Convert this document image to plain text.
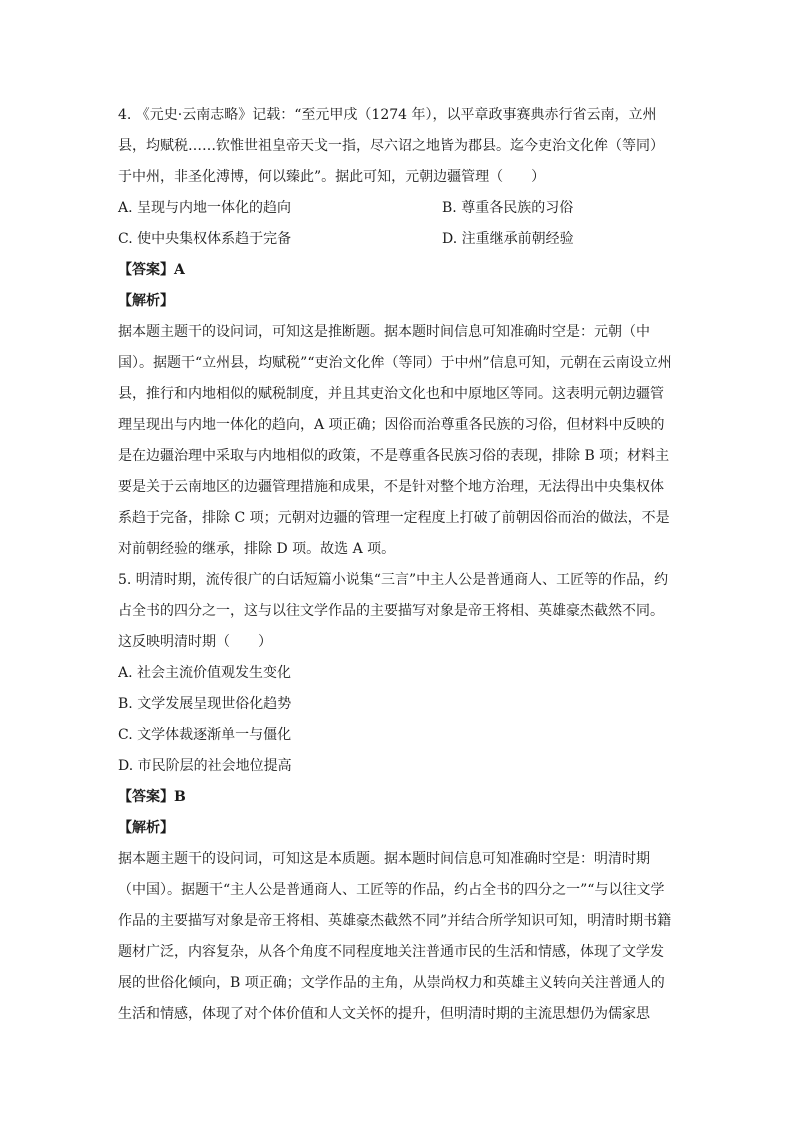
4. 《元史·云南志略》记载：“至元甲戌（1274 年），以平章政事赛典赤行省云南，立州
县，均赋税……钦惟世祖皇帝天戈一指，尽六诏之地皆为郡县。迄今吏治文化侔（等同）
于中州，非圣化溥博，何以臻此”。据此可知，元朝边疆管理（　　）
A. 呈现与内地一体化的趋向	B. 尊重各民族的习俗
C. 使中央集权体系趋于完备	D. 注重继承前朝经验
【答案】A
【解析】
据本题主题干的设问词，可知这是推断题。据本题时间信息可知准确时空是：元朝（中
国）。据题干“立州县，均赋税”“吏治文化侔（等同）于中州”信息可知，元朝在云南设立州
县，推行和内地相似的赋税制度，并且其吏治文化也和中原地区等同。这表明元朝边疆管
理呈现出与内地一体化的趋向，A 项正确；因俗而治尊重各民族的习俗，但材料中反映的
是在边疆治理中采取与内地相似的政策，不是尊重各民族习俗的表现，排除 B 项；材料主
要是关于云南地区的边疆管理措施和成果，不是针对整个地方治理，无法得出中央集权体
系趋于完备，排除 C 项；元朝对边疆的管理一定程度上打破了前朝因俗而治的做法，不是
对前朝经验的继承，排除 D 项。故选 A 项。
5. 明清时期，流传很广的白话短篇小说集“三言”中主人公是普通商人、工匠等的作品，约
占全书的四分之一，这与以往文学作品的主要描写对象是帝王将相、英雄豪杰截然不同。
这反映明清时期（　　）
A. 社会主流价值观发生变化
B. 文学发展呈现世俗化趋势
C. 文学体裁逐渐单一与僵化
D. 市民阶层的社会地位提高
【答案】B
【解析】
据本题主题干的设问词，可知这是本质题。据本题时间信息可知准确时空是：明清时期
（中国）。据题干“主人公是普通商人、工匠等的作品，约占全书的四分之一”“与以往文学
作品的主要描写对象是帝王将相、英雄豪杰截然不同”并结合所学知识可知，明清时期书籍
题材广泛，内容复杂，从各个角度不同程度地关注普通市民的生活和情感，体现了文学发
展的世俗化倾向，B 项正确；文学作品的主角，从崇尚权力和英雄主义转向关注普通人的
生活和情感，体现了对个体价值和人文关怀的提升，但明清时期的主流思想仍为儒家思
